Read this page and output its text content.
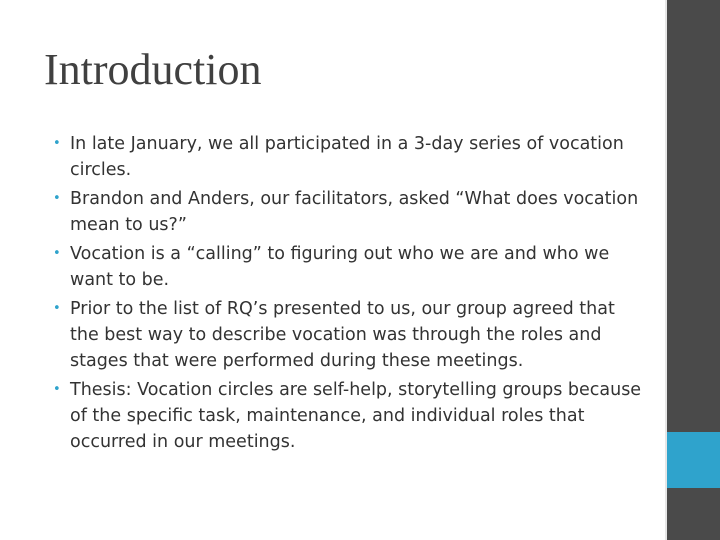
Introduction
• In late January, we all participated in a 3-day series of vocation circles.
• Brandon and Anders, our facilitators, asked “What does vocation mean to us?”
• Vocation is a “calling” to figuring out who we are and who we want to be.
• Prior to the list of RQ’s presented to us, our group agreed that the best way to describe vocation was through the roles and stages that were performed during these meetings.
• Thesis: Vocation circles are self-help, storytelling groups because of the specific task, maintenance, and individual roles that occurred in our meetings.
